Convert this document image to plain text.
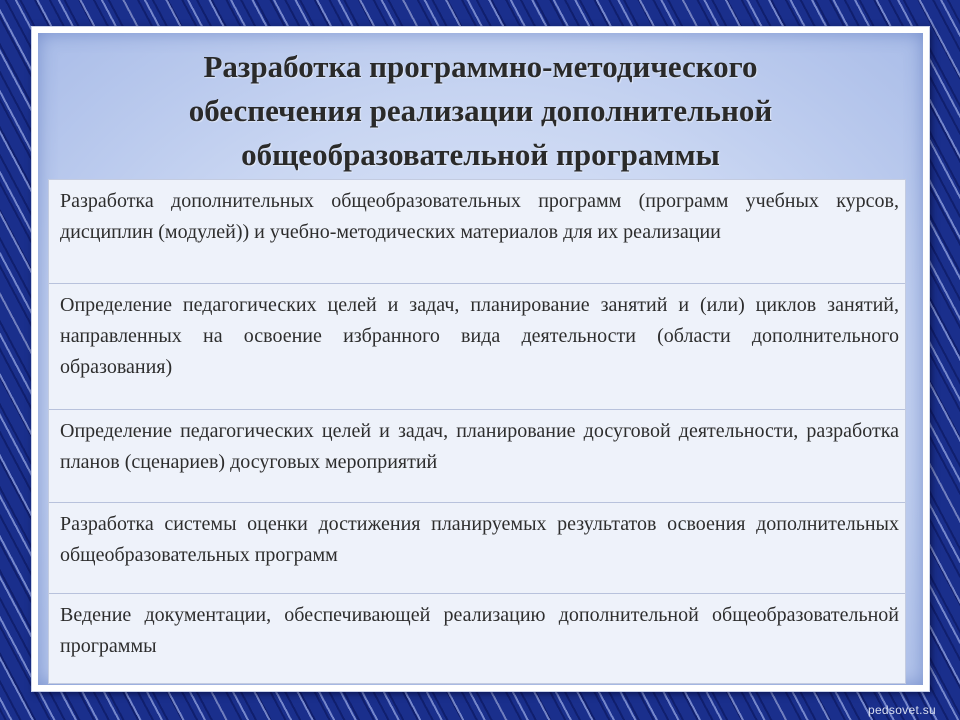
Разработка программно-методического
обеспечения реализации дополнительной
общеобразовательной программы
Разработка дополнительных общеобразовательных программ (программ учебных курсов, дисциплин (модулей)) и учебно-методических материалов для их реализации
Определение педагогических целей и задач, планирование занятий и (или) циклов занятий, направленных на освоение избранного вида деятельности (области дополнительного образования)
Определение педагогических целей и задач, планирование досуговой деятельности, разработка планов (сценариев) досуговых мероприятий
Разработка системы оценки достижения планируемых результатов освоения дополнительных общеобразовательных программ
Ведение документации, обеспечивающей реализацию дополнительной общеобразовательной программы
pedsovet.su
